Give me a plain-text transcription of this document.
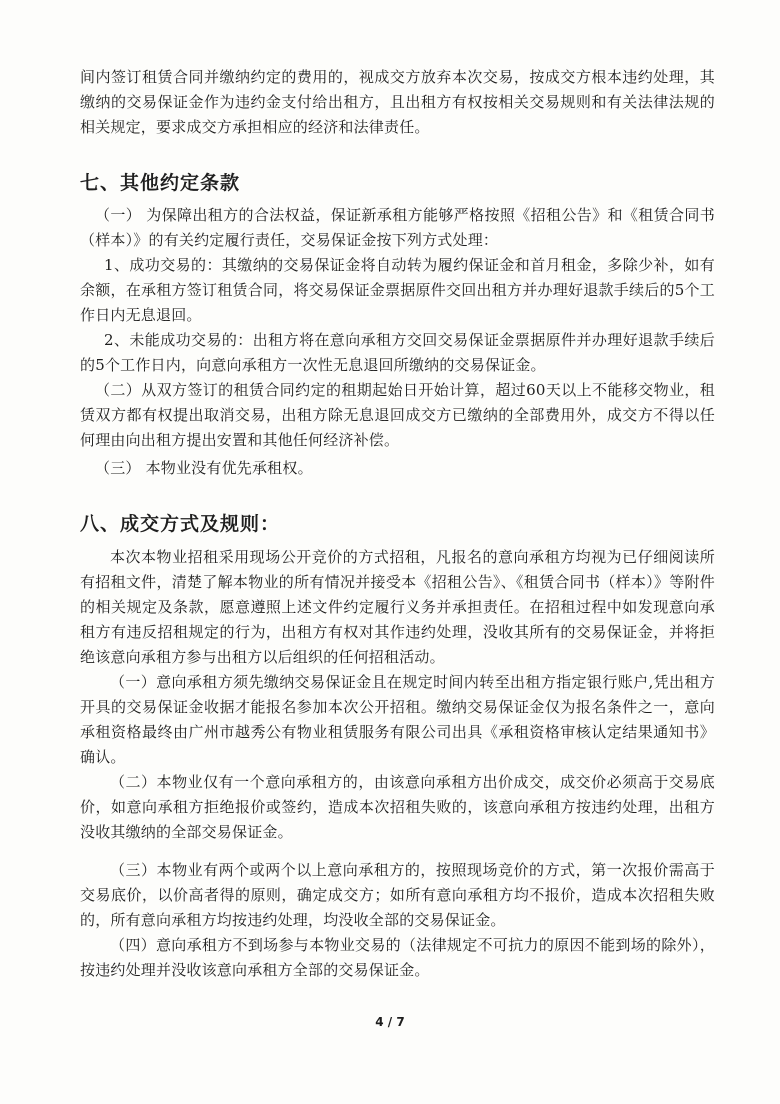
间内签订租赁合同并缴纳约定的费用的，视成交方放弃本次交易，按成交方根本违约处理，其缴纳的交易保证金作为违约金支付给出租方，且出租方有权按相关交易规则和有关法律法规的相关规定，要求成交方承担相应的经济和法律责任。

七、其他约定条款

（一） 为保障出租方的合法权益，保证新承租方能够严格按照《招租公告》和《租赁合同书（样本）》的有关约定履行责任，交易保证金按下列方式处理：

1、成功交易的：其缴纳的交易保证金将自动转为履约保证金和首月租金，多除少补，如有余额，在承租方签订租赁合同，将交易保证金票据原件交回出租方并办理好退款手续后的5个工作日内无息退回。

2、未能成功交易的：出租方将在意向承租方交回交易保证金票据原件并办理好退款手续后的5个工作日内，向意向承租方一次性无息退回所缴纳的交易保证金。

（二）从双方签订的租赁合同约定的租期起始日开始计算，超过60天以上不能移交物业，租赁双方都有权提出取消交易，出租方除无息退回成交方已缴纳的全部费用外，成交方不得以任何理由向出租方提出安置和其他任何经济补偿。

（三） 本物业没有优先承租权。

八、成交方式及规则：

本次本物业招租采用现场公开竞价的方式招租，凡报名的意向承租方均视为已仔细阅读所有招租文件，清楚了解本物业的所有情况并接受本《招租公告》、《租赁合同书（样本）》等附件的相关规定及条款，愿意遵照上述文件约定履行义务并承担责任。在招租过程中如发现意向承租方有违反招租规定的行为，出租方有权对其作违约处理，没收其所有的交易保证金，并将拒绝该意向承租方参与出租方以后组织的任何招租活动。

（一）意向承租方须先缴纳交易保证金且在规定时间内转至出租方指定银行账户,凭出租方开具的交易保证金收据才能报名参加本次公开招租。缴纳交易保证金仅为报名条件之一，意向承租资格最终由广州市越秀公有物业租赁服务有限公司出具《承租资格审核认定结果通知书》确认。

（二）本物业仅有一个意向承租方的，由该意向承租方出价成交，成交价必须高于交易底价，如意向承租方拒绝报价或签约，造成本次招租失败的，该意向承租方按违约处理，出租方没收其缴纳的全部交易保证金。

（三）本物业有两个或两个以上意向承租方的，按照现场竞价的方式，第一次报价需高于交易底价，以价高者得的原则，确定成交方；如所有意向承租方均不报价，造成本次招租失败的，所有意向承租方均按违约处理，均没收全部的交易保证金。

（四）意向承租方不到场参与本物业交易的（法律规定不可抗力的原因不能到场的除外），按违约处理并没收该意向承租方全部的交易保证金。

4 / 7
